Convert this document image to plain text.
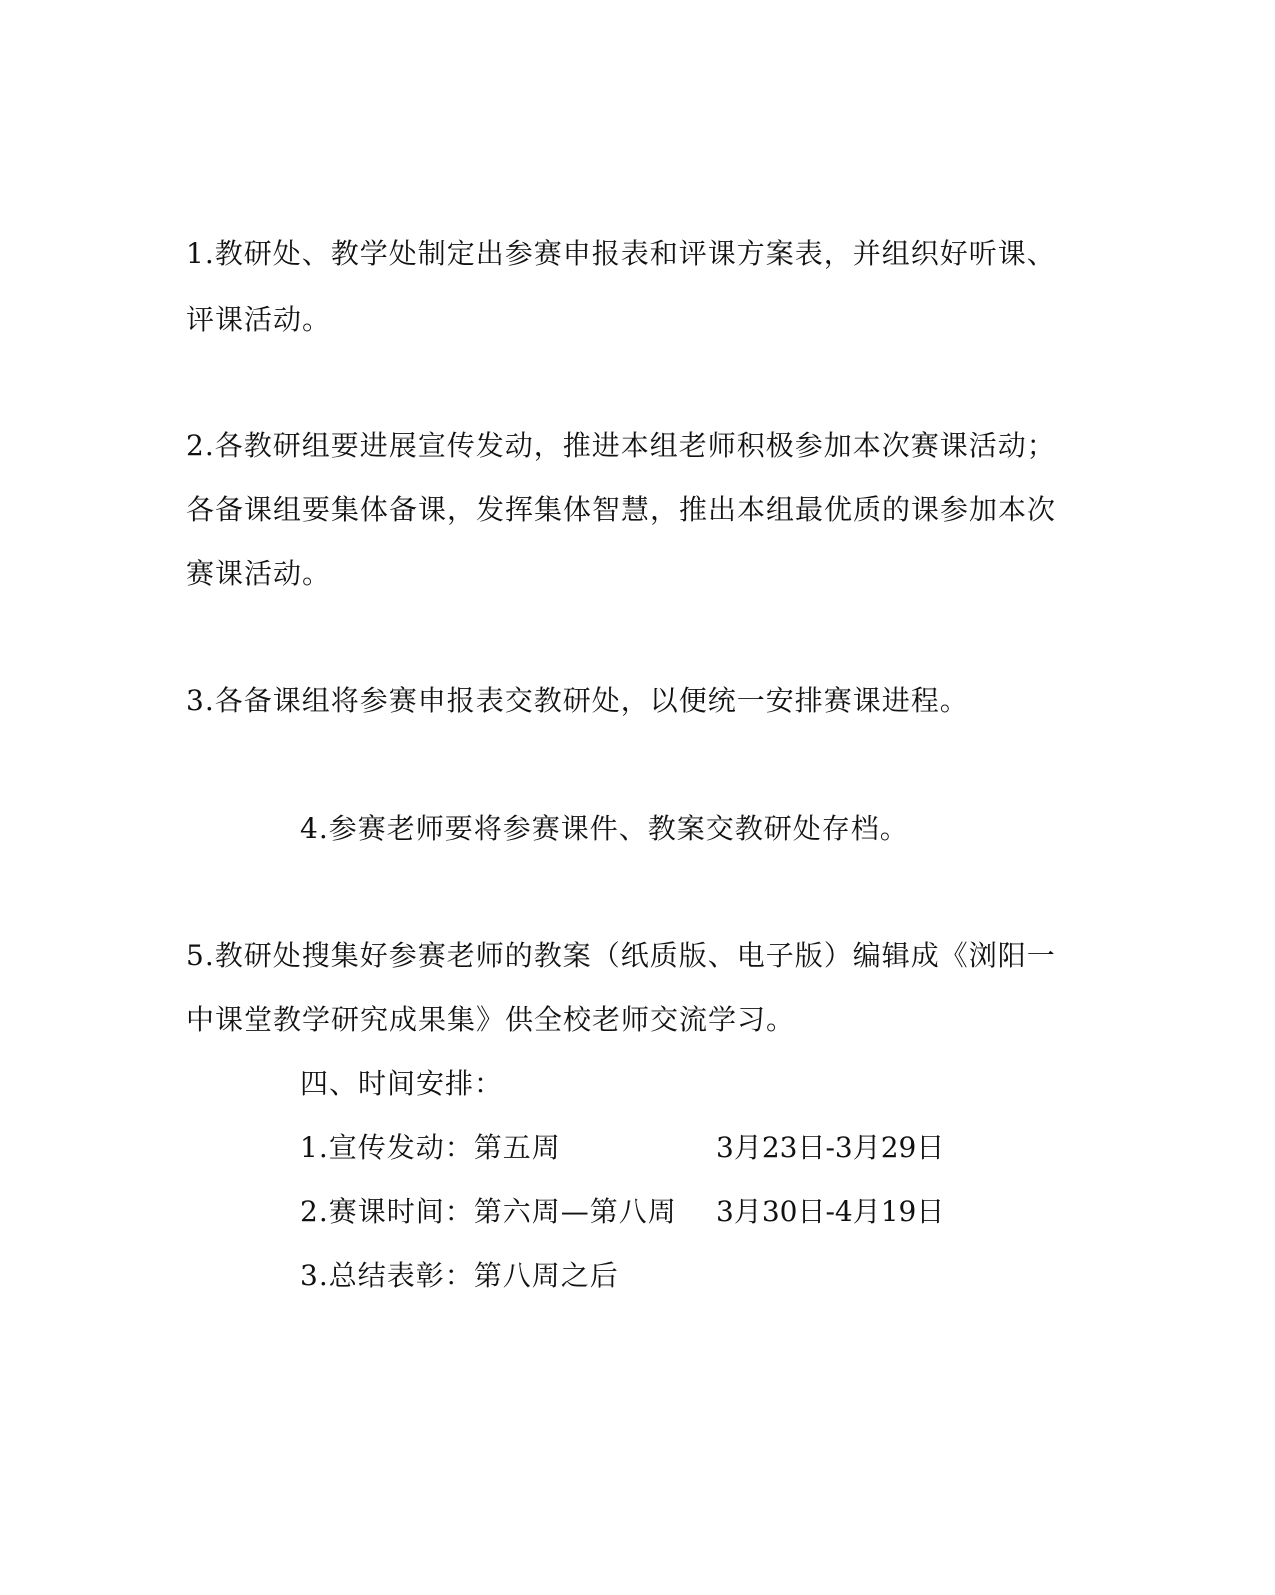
1.教研处、教学处制定出参赛申报表和评课方案表，并组织好听课、
评课活动。
2.各教研组要进展宣传发动，推进本组老师积极参加本次赛课活动；
各备课组要集体备课，发挥集体智慧，推出本组最优质的课参加本次
赛课活动。
3.各备课组将参赛申报表交教研处，以便统一安排赛课进程。
4.参赛老师要将参赛课件、教案交教研处存档。
5.教研处搜集好参赛老师的教案（纸质版、电子版）编辑成《浏阳一
中课堂教学研究成果集》供全校老师交流学习。
四、时间安排：
1.宣传发动：第五周	3月23日-3月29日
2.赛课时间：第六周—第八周 3月30日-4月19日
3.总结表彰：第八周之后
